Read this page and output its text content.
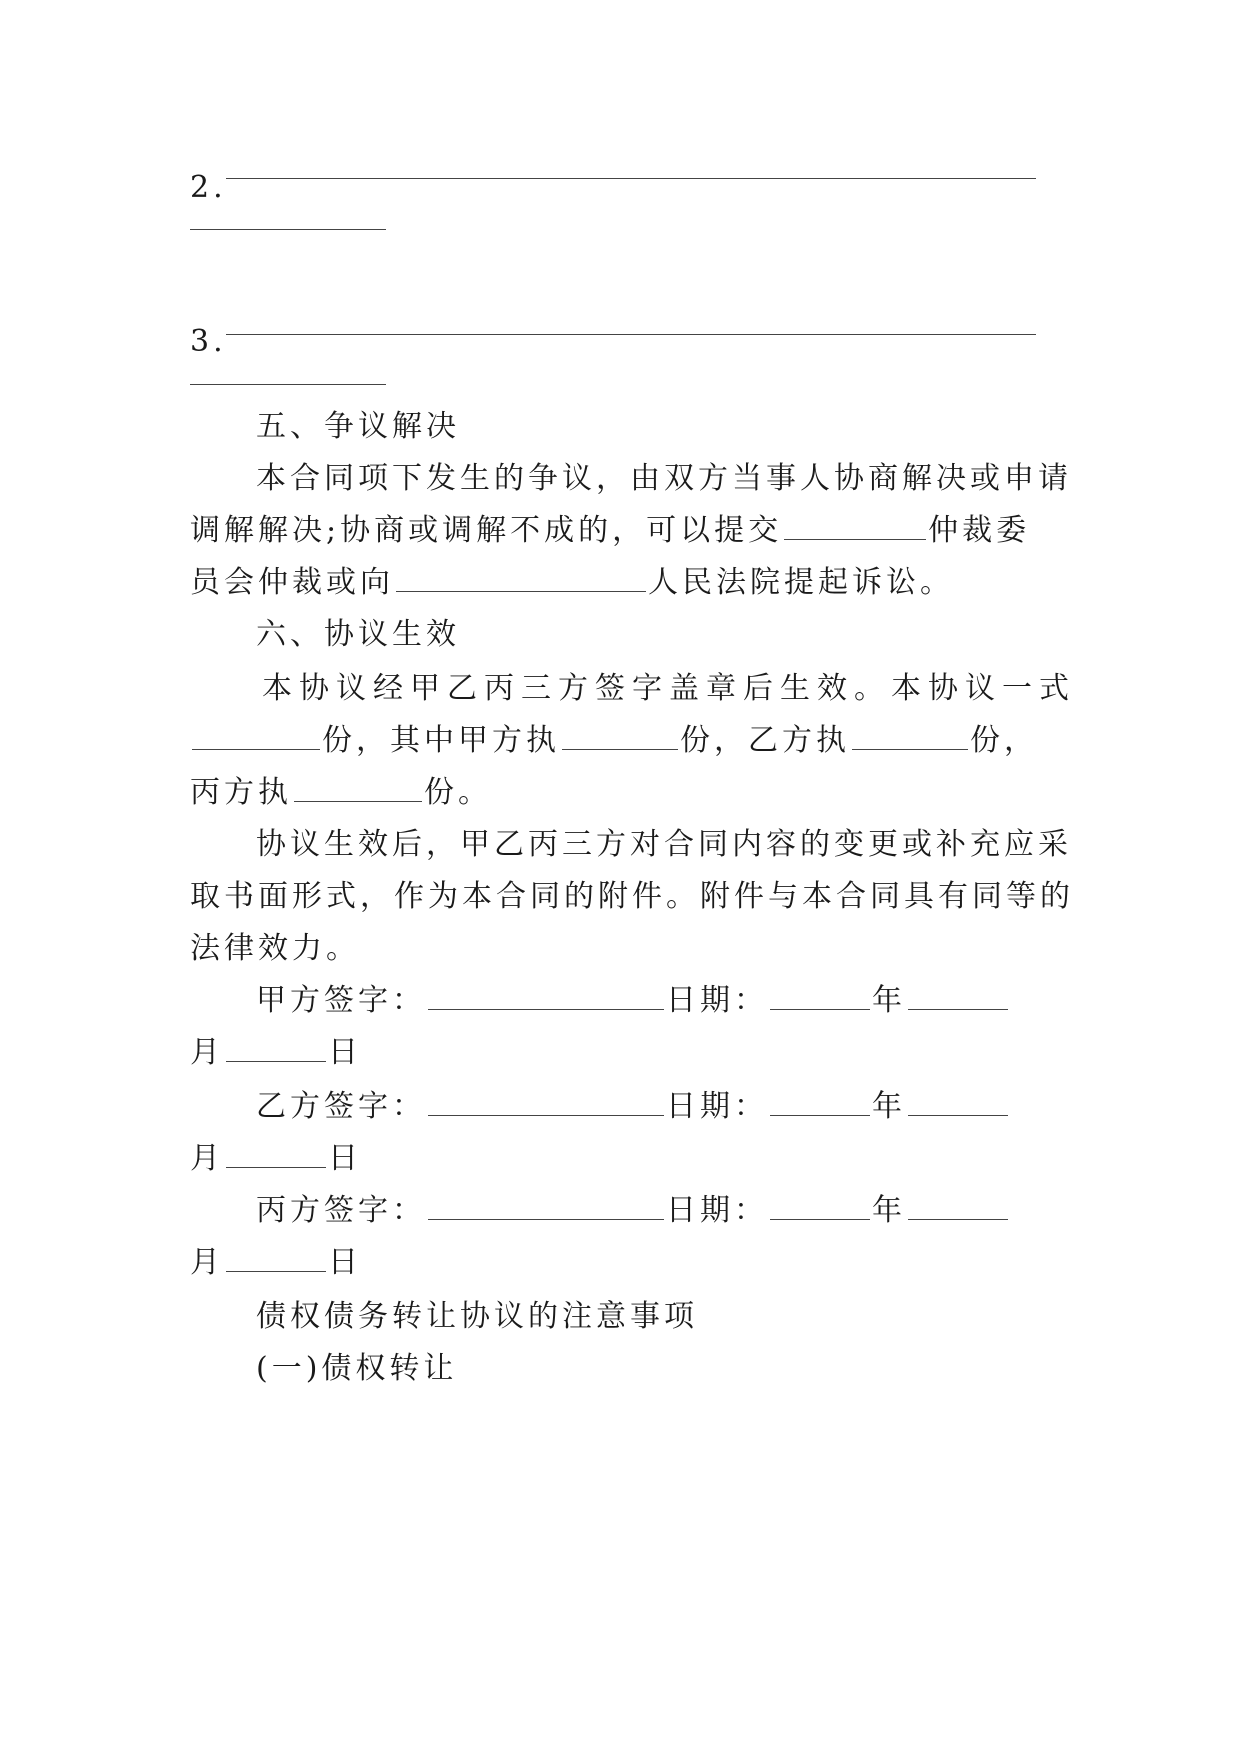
2.
3.
五、争议解决
本合同项下发生的争议，由双方当事人协商解决或申请
调解解决;协商或调解不成的，可以提交	仲裁委
员会仲裁或向	人民法院提起诉讼。
六、协议生效
本协议经甲乙丙三方签字盖章后生效。本协议一式
份，其中甲方执	份，乙方执	份，
丙方执	份。
协议生效后，甲乙丙三方对合同内容的变更或补充应采
取书面形式，作为本合同的附件。附件与本合同具有同等的
法律效力。
甲方签字：	日期：	年
月	日
乙方签字：	日期：	年
月	日
丙方签字：	日期：	年
月	日
债权债务转让协议的注意事项
(一)债权转让
